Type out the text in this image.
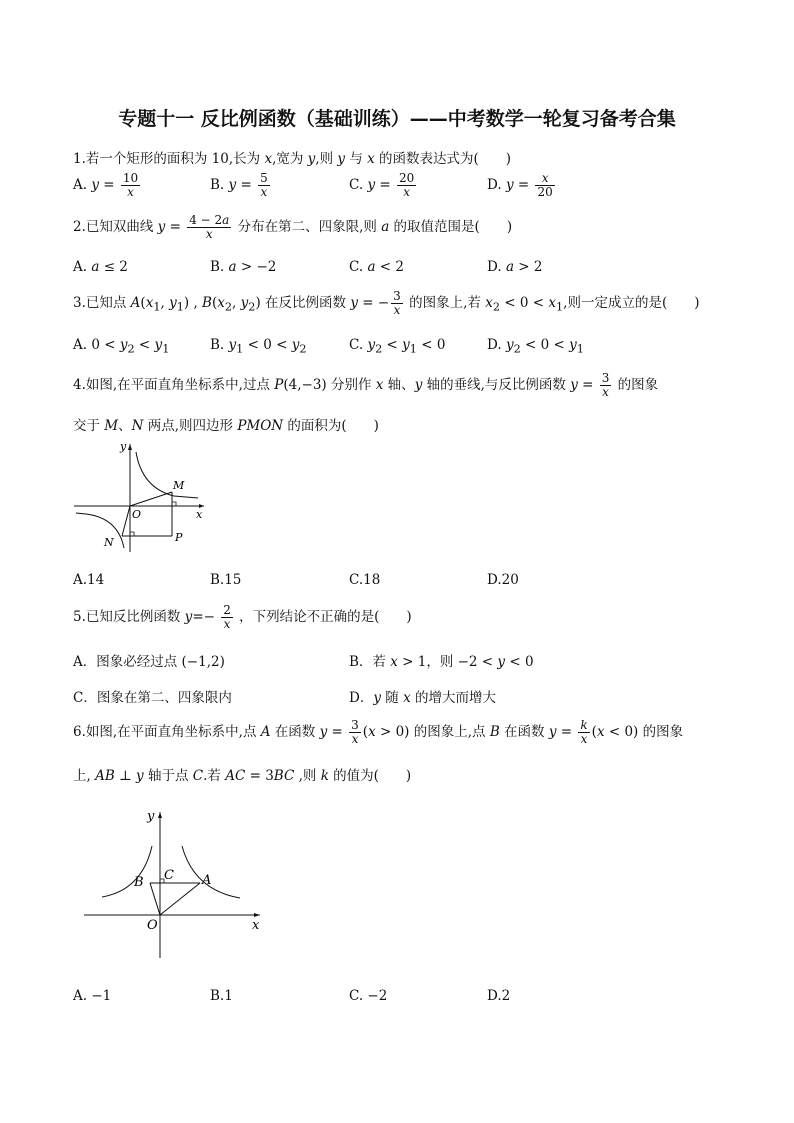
专题十一 反比例函数（基础训练）——中考数学一轮复习备考合集
1.若一个矩形的面积为 10,长为 x,宽为 y,则 y 与 x 的函数表达式为(　　)
A. $y = \frac{10}{x}$	B. $y = \frac{5}{x}$	C. $y = \frac{20}{x}$	D. $y = \frac{x}{20}$
2.已知双曲线 $y = \frac{4 - 2a}{x}$ 分布在第二、四象限,则 a 的取值范围是(　　)
A. a ≤ 2	B. a > −2	C. a < 2	D. a > 2
3.已知点 $A(x_1$, $y_1$) , $B(x_2$, $y_2$) 在反比例函数 y = − $\frac{3}{x}$ 的图象上,若 $x_2 < 0 < x_1$,则一定成立的是(　　)
A. $0 < y_2 < y_1$	B. $y_1 < 0 < y_2$	C. $y_2 < y_1 < 0$	D. $y_2 < 0 < y_1$
4.如图,在平面直角坐标系中,过点 P(4,−3) 分别作 x 轴、y 轴的垂线,与反比例函数 $y = \frac{3}{x}$ 的图象
交于 M、N 两点,则四边形 PMON 的面积为(　　)
y
x
O
M
N	P
A.14	B.15	C.18	D.20
5.已知反比例函数 $y=- \frac{2}{x}$ ，下列结论不正确的是(　　)
A．图象必经过点 (−1,2)	B．若 x > 1，则 −2 < y < 0
C．图象在第二、四象限内	D．y 随 x 的增大而增大
6.如图,在平面直角坐标系中,点 A 在函数 $y = \frac{3}{x} (x > 0)$ 的图象上,点 B 在函数 $y = \frac{k}{x} (x < 0)$ 的图象
上, AB ⊥ y 轴于点 C.若 AC = 3BC ,则 k 的值为(　　)
y
x
O
A
B C
A. −1	B.1	C. −2	D.2
